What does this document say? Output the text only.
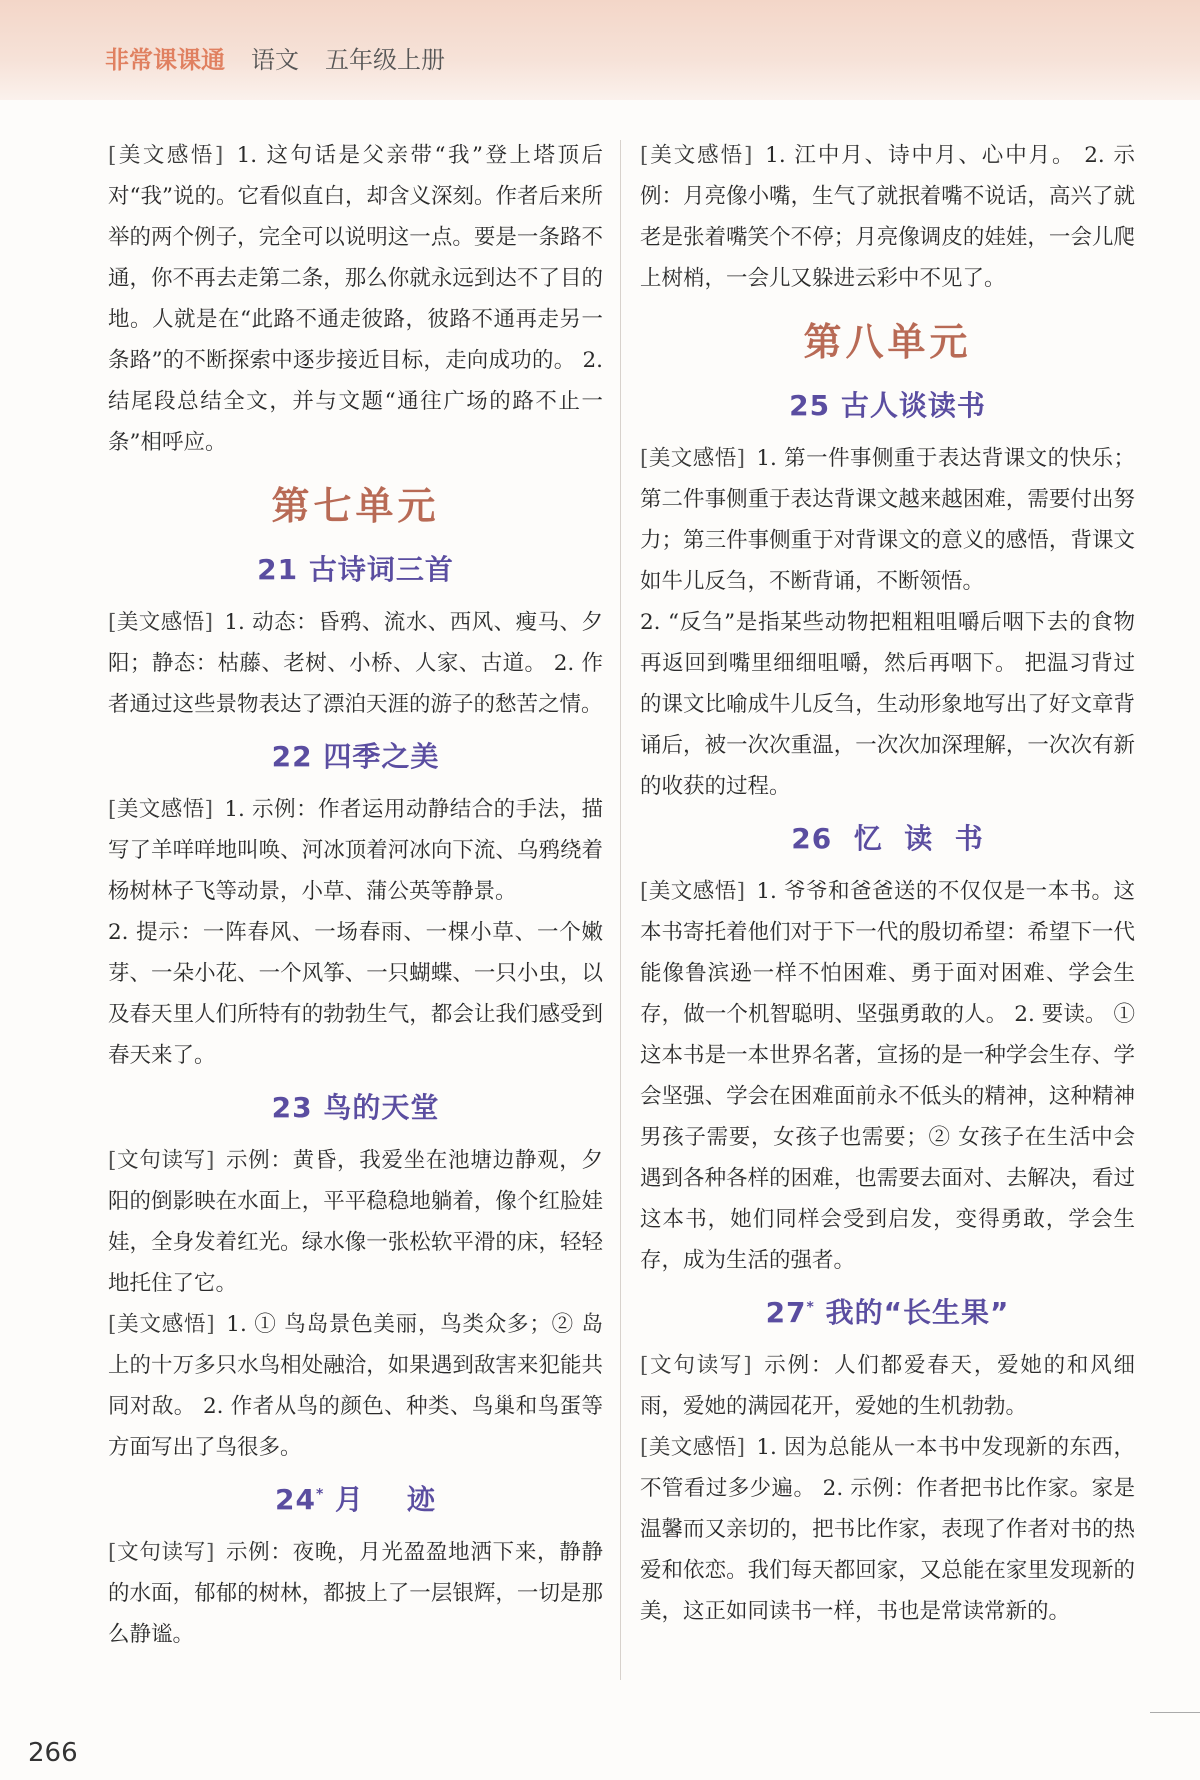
非常课课通 语文 五年级上册

[ 美文感悟 ] 1. 这句话是父亲带“我”登上塔顶后对“我”说的。它看似直白，却含义深刻。作者后来所举的两个例子，完全可以说明这一点。要是一条路不通，你不再去走第二条，那么你就永远到达不了目的地。人就是在“此路不通走彼路，彼路不通再走另一条路”的不断探索中逐步接近目标，走向成功的。 2. 结尾段总结全文，并与文题“通往广场的路不止一条”相呼应。

第七单元
21 古诗词三首

[ 美文感悟 ] 1. 动态：昏鸦、流水、西风、瘦马、夕阳；静态：枯藤、老树、小桥、人家、古道。 2. 作者通过这些景物表达了漂泊天涯的游子的愁苦之情。

22 四季之美

[ 美文感悟 ] 1. 示例：作者运用动静结合的手法，描写了羊咩咩地叫唤、河冰顶着河冰向下流、乌鸦绕着杨树林子飞等动景，小草、蒲公英等静景。

2. 提示：一阵春风、一场春雨、一棵小草、一个嫩芽、一朵小花、一个风筝、一只蝴蝶、一只小虫，以及春天里人们所特有的勃勃生气，都会让我们感受到春天来了。

23 鸟的天堂

[ 文句读写 ] 示例：黄昏，我爱坐在池塘边静观，夕阳的倒影映在水面上，平平稳稳地躺着，像个红脸娃娃，全身发着红光。绿水像一张松软平滑的床，轻轻地托住了它。

[ 美文感悟 ] 1. ① 鸟岛景色美丽，鸟类众多；② 岛上的十万多只水鸟相处融洽，如果遇到敌害来犯能共同对敌。 2. 作者从鸟的颜色、种类、鸟巢和鸟蛋等方面写出了鸟很多。

24* 月    迹

[ 文句读写 ] 示例：夜晚，月光盈盈地洒下来，静静的水面，郁郁的树林，都披上了一层银辉，一切是那么静谧。

[ 美文感悟 ] 1. 江中月、诗中月、心中月。 2. 示例：月亮像小嘴，生气了就抿着嘴不说话，高兴了就老是张着嘴笑个不停；月亮像调皮的娃娃，一会儿爬上树梢，一会儿又躲进云彩中不见了。

第八单元
25 古人谈读书

[ 美文感悟 ] 1. 第一件事侧重于表达背课文的快乐；第二件事侧重于表达背课文越来越困难，需要付出努力；第三件事侧重于对背课文的意义的感悟，背课文如牛儿反刍，不断背诵，不断领悟。

2. “反刍”是指某些动物把粗粗咀嚼后咽下去的食物再返回到嘴里细细咀嚼，然后再咽下。 把温习背过的课文比喻成牛儿反刍，生动形象地写出了好文章背诵后，被一次次重温，一次次加深理解，一次次有新的收获的过程。

26  忆  读  书

[ 美文感悟 ] 1. 爷爷和爸爸送的不仅仅是一本书。这本书寄托着他们对于下一代的殷切希望：希望下一代能像鲁滨逊一样不怕困难、勇于面对困难、学会生存，做一个机智聪明、坚强勇敢的人。 2. 要读。 ① 这本书是一本世界名著，宣扬的是一种学会生存、学会坚强、学会在困难面前永不低头的精神，这种精神男孩子需要，女孩子也需要；② 女孩子在生活中会遇到各种各样的困难，也需要去面对、去解决，看过这本书，她们同样会受到启发，变得勇敢，学会生存，成为生活的强者。

27* 我的“长生果”

[ 文句读写 ] 示例：人们都爱春天，爱她的和风细雨，爱她的满园花开，爱她的生机勃勃。

[ 美文感悟 ] 1. 因为总能从一本书中发现新的东西，不管看过多少遍。 2. 示例：作者把书比作家。家是温馨而又亲切的，把书比作家，表现了作者对书的热爱和依恋。我们每天都回家，又总能在家里发现新的美，这正如同读书一样，书也是常读常新的。

266
